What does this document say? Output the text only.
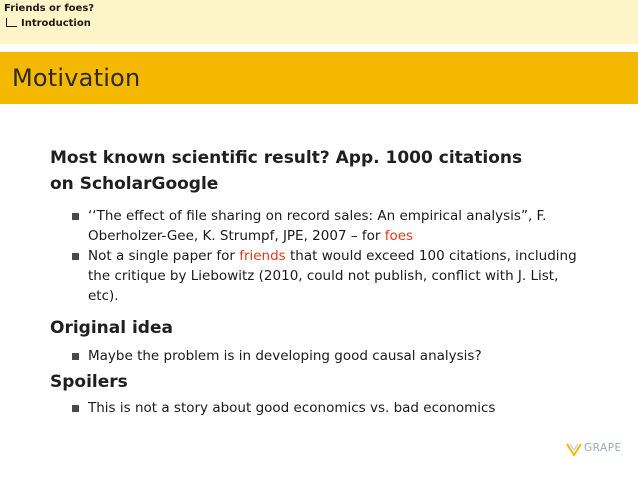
Friends or foes?
Introduction
Motivation
Most known scientific result? App. 1000 citations on ScholarGoogle
‘‘The effect of file sharing on record sales: An empirical analysis”, F. Oberholzer-Gee, K. Strumpf, JPE, 2007 – for foes
Not a single paper for friends that would exceed 100 citations, including the critique by Liebowitz (2010, could not publish, conflict with J. List, etc).
Original idea
Maybe the problem is in developing good causal analysis?
Spoilers
This is not a story about good economics vs. bad economics
GRAPE
